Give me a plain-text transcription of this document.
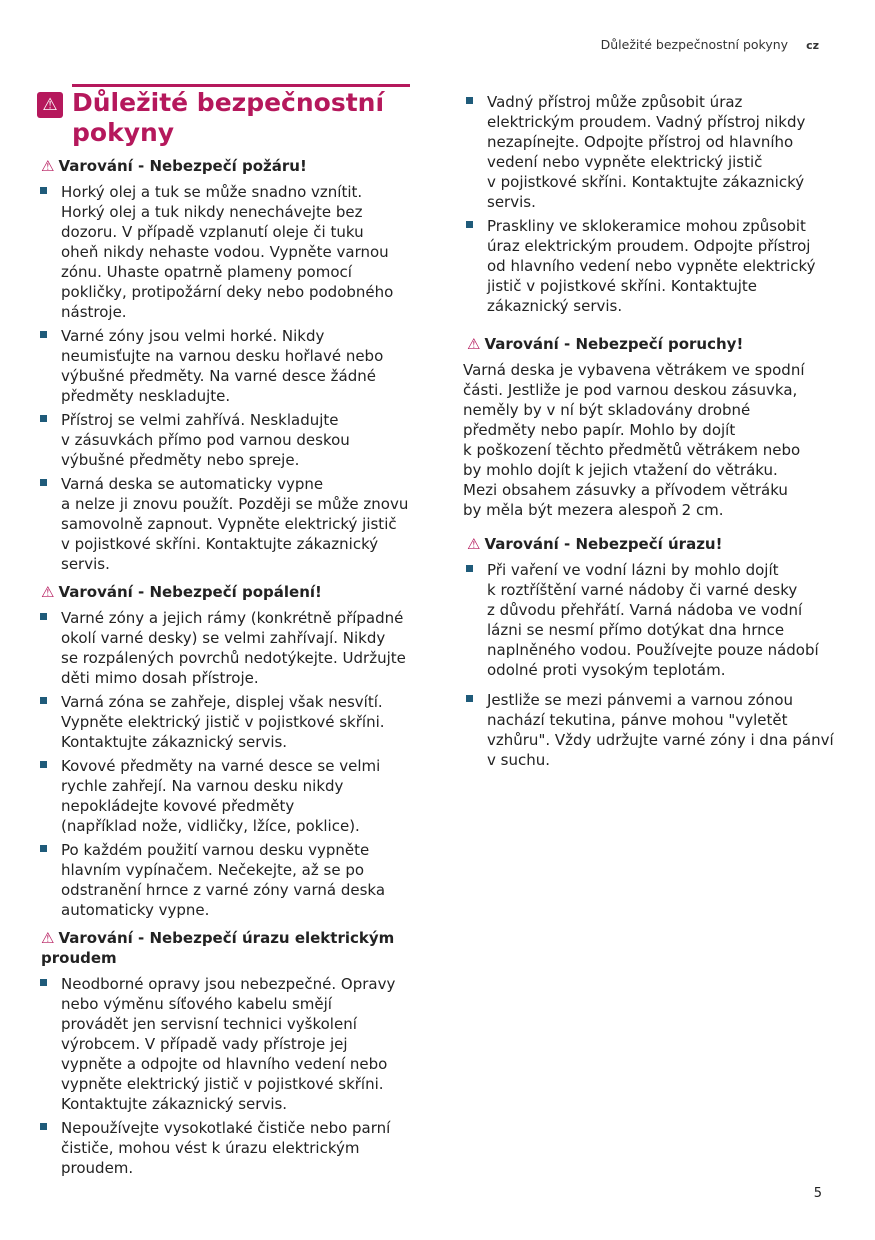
Důležité bezpečnostní pokyny cz
⚠ Důležité bezpečnostní
pokyny
⚠ Varování - Nebezpečí požáru!
Horký olej a tuk se může snadno vznítit.
Horký olej a tuk nikdy nenechávejte bez
dozoru. V případě vzplanutí oleje či tuku
oheň nikdy nehaste vodou. Vypněte varnou
zónu. Uhaste opatrně plameny pomocí
pokličky, protipožární deky nebo podobného
nástroje.
Varné zóny jsou velmi horké. Nikdy
neumisťujte na varnou desku hořlavé nebo
výbušné předměty. Na varné desce žádné
předměty neskladujte.
Přístroj se velmi zahřívá. Neskladujte
v zásuvkách přímo pod varnou deskou
výbušné předměty nebo spreje.
Varná deska se automaticky vypne
a nelze ji znovu použít. Později se může znovu
samovolně zapnout. Vypněte elektrický jistič
v pojistkové skříni. Kontaktujte zákaznický
servis.
⚠ Varování - Nebezpečí popálení!
Varné zóny a jejich rámy (konkrétně případné
okolí varné desky) se velmi zahřívají. Nikdy
se rozpálených povrchů nedotýkejte. Udržujte
děti mimo dosah přístroje.
Varná zóna se zahřeje, displej však nesvítí.
Vypněte elektrický jistič v pojistkové skříni.
Kontaktujte zákaznický servis.
Kovové předměty na varné desce se velmi
rychle zahřejí. Na varnou desku nikdy
nepokládejte kovové předměty
(například nože, vidličky, lžíce, poklice).
Po každém použití varnou desku vypněte
hlavním vypínačem. Nečekejte, až se po
odstranění hrnce z varné zóny varná deska
automaticky vypne.
⚠ Varování - Nebezpečí úrazu elektrickým
proudem
Neodborné opravy jsou nebezpečné. Opravy
nebo výměnu síťového kabelu smějí
provádět jen servisní technici vyškolení
výrobcem. V případě vady přístroje jej
vypněte a odpojte od hlavního vedení nebo
vypněte elektrický jistič v pojistkové skříni.
Kontaktujte zákaznický servis.
Nepoužívejte vysokotlaké čističe nebo parní
čističe, mohou vést k úrazu elektrickým
proudem.
Vadný přístroj může způsobit úraz
elektrickým proudem. Vadný přístroj nikdy
nezapínejte. Odpojte přístroj od hlavního
vedení nebo vypněte elektrický jistič
v pojistkové skříni. Kontaktujte zákaznický
servis.
Praskliny ve sklokeramice mohou způsobit
úraz elektrickým proudem. Odpojte přístroj
od hlavního vedení nebo vypněte elektrický
jistič v pojistkové skříni. Kontaktujte
zákaznický servis.
⚠ Varování - Nebezpečí poruchy!
Varná deska je vybavena větrákem ve spodní
části. Jestliže je pod varnou deskou zásuvka,
neměly by v ní být skladovány drobné
předměty nebo papír. Mohlo by dojít
k poškození těchto předmětů větrákem nebo
by mohlo dojít k jejich vtažení do větráku.
Mezi obsahem zásuvky a přívodem větráku
by měla být mezera alespoň 2 cm.
⚠ Varování - Nebezpečí úrazu!
Při vaření ve vodní lázni by mohlo dojít
k roztříštění varné nádoby či varné desky
z důvodu přehřátí. Varná nádoba ve vodní
lázni se nesmí přímo dotýkat dna hrnce
naplněného vodou. Používejte pouze nádobí
odolné proti vysokým teplotám.
Jestliže se mezi pánvemi a varnou zónou
nachází tekutina, pánve mohou "vyletět
vzhůru". Vždy udržujte varné zóny i dna pánví
v suchu.
5
